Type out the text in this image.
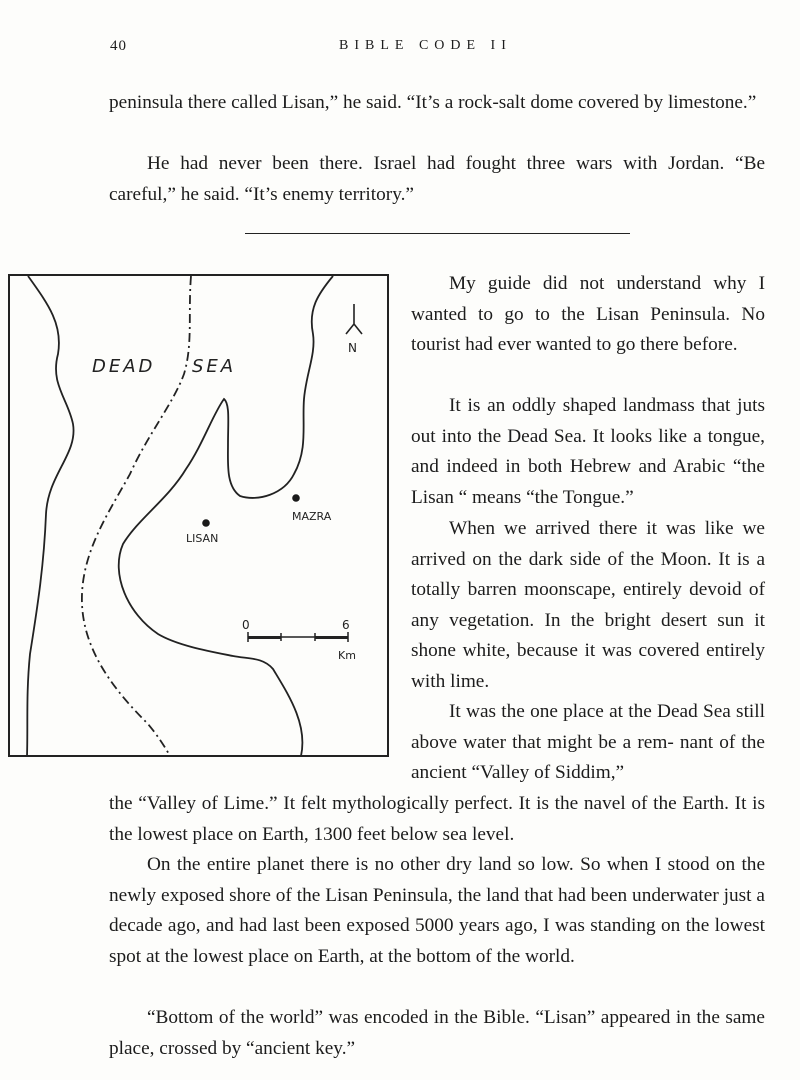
40	BIBLE CODE II

peninsula there called Lisan,” he said. “It’s a rock-salt dome covered by limestone.”

He had never been there. Israel had fought three wars with Jordan. “Be careful,” he said. “It’s enemy territory.”

N
DEAD SEA
LISAN
MAZRA
0	6
Km

My guide did not understand why I wanted to go to the Lisan Peninsula. No tourist had ever wanted to go there before.

It is an oddly shaped landmass that juts out into the Dead Sea. It looks like a tongue, and indeed in both Hebrew and Arabic “the Lisan “ means “the Tongue.”

When we arrived there it was like we arrived on the dark side of the Moon. It is a totally barren moonscape, entirely devoid of any vegetation. In the bright desert sun it shone white, because it was covered entirely with lime.

It was the one place at the Dead Sea still above water that might be a rem- nant of the ancient “Valley of Siddim,”

the “Valley of Lime.” It felt mythologically perfect. It is the navel of the Earth. It is the lowest place on Earth, 1300 feet below sea level.

On the entire planet there is no other dry land so low. So when I stood on the newly exposed shore of the Lisan Peninsula, the land that had been underwater just a decade ago, and had last been exposed 5000 years ago, I was standing on the lowest spot at the lowest place on Earth, at the bottom of the world.

“Bottom of the world” was encoded in the Bible. “Lisan” appeared in the same place, crossed by “ancient key.”
